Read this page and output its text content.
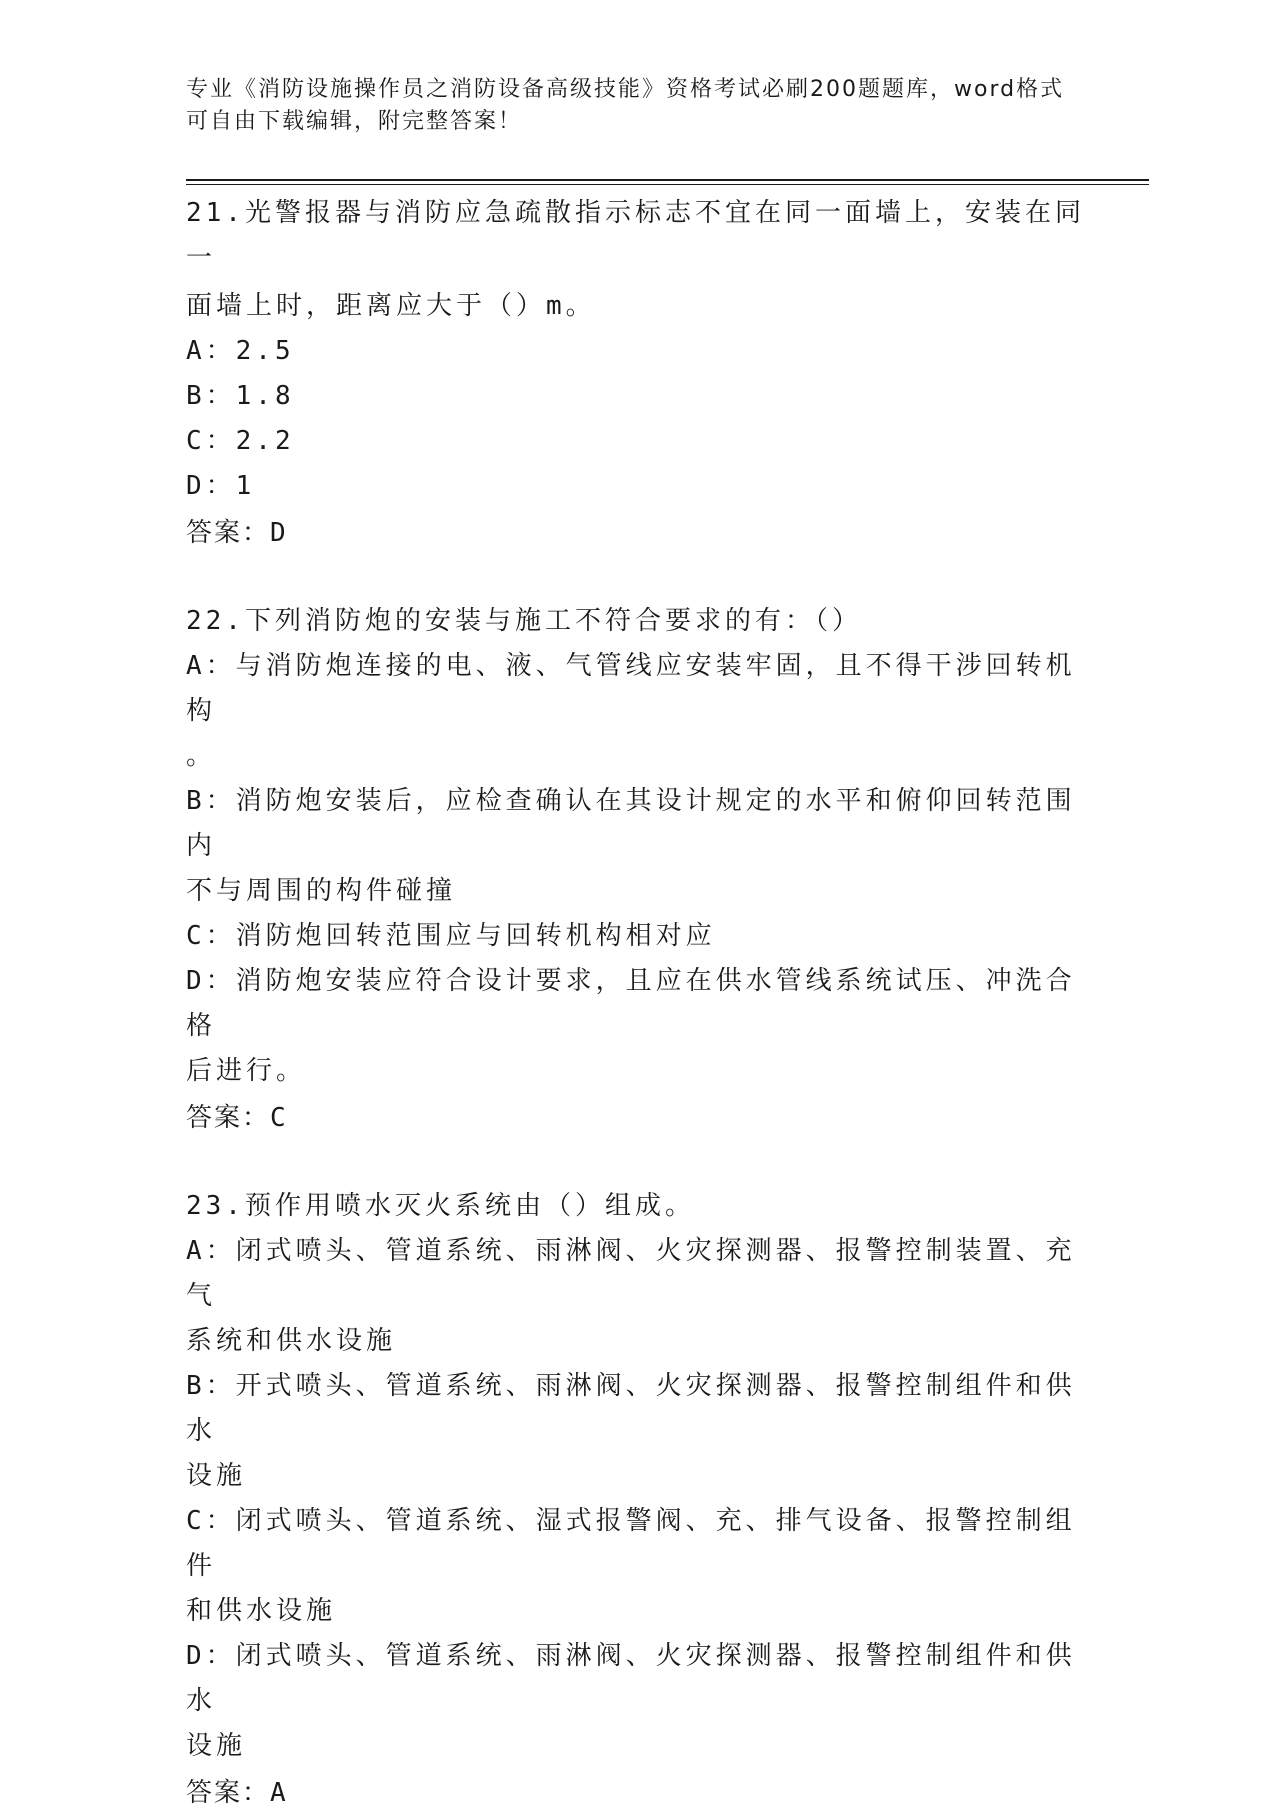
专业《消防设施操作员之消防设备高级技能》资格考试必刷200题题库，word格式可自由下载编辑，附完整答案！
21.光警报器与消防应急疏散指示标志不宜在同一面墙上，安装在同一
面墙上时，距离应大于（）m。
A：2.5
B：1.8
C：2.2
D：1
答案：D
22.下列消防炮的安装与施工不符合要求的有：（）
A：与消防炮连接的电、液、气管线应安装牢固，且不得干涉回转机构
。
B：消防炮安装后，应检查确认在其设计规定的水平和俯仰回转范围内
不与周围的构件碰撞
C：消防炮回转范围应与回转机构相对应
D：消防炮安装应符合设计要求，且应在供水管线系统试压、冲洗合格
后进行。
答案：C
23.预作用喷水灭火系统由（）组成。
A：闭式喷头、管道系统、雨淋阀、火灾探测器、报警控制装置、充气
系统和供水设施
B：开式喷头、管道系统、雨淋阀、火灾探测器、报警控制组件和供水
设施
C：闭式喷头、管道系统、湿式报警阀、充、排气设备、报警控制组件
和供水设施
D：闭式喷头、管道系统、雨淋阀、火灾探测器、报警控制组件和供水
设施
答案：A
